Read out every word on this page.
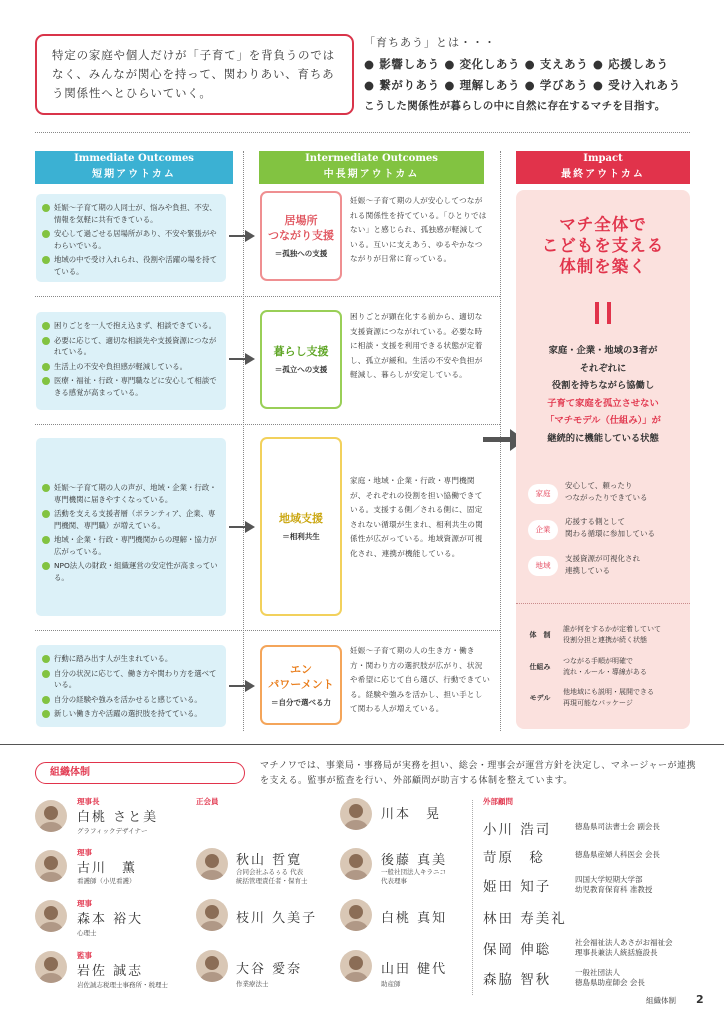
特定の家庭や個人だけが「子育て」を背負うのではなく、みんなが関心を持って、関わりあい、育ちあう関係性へとひらいていく。
「育ちあう」とは・・・
● 影響しあう ● 変化しあう ● 支えあう ● 応援しあう
● 繋がりあう ● 理解しあう ● 学びあう ● 受け入れあう
こうした関係性が暮らしの中に自然に存在するマチを目指す。
Immediate Outcomes
短期アウトカム
Intermediate Outcomes
中長期アウトカム
Impact
最終アウトカム
妊娠〜子育て期の人同士が、悩みや負担、不安、情報を気軽に共有できている。
安心して過ごせる居場所があり、不安や緊張がやわらいでいる。
地域の中で受け入れられ、役割や活躍の場を持てている。
居場所
つながり支援
＝孤独への支援
妊娠〜子育て期の人が安心してつながれる関係性を持てている。「ひとりではない」と感じられ、孤独感が軽減している。互いに支えあう、ゆるやかなつながりが日常に育っている。
困りごとを一人で抱え込まず、相談できている。
必要に応じて、適切な相談先や支援資源につながれている。
生活上の不安や負担感が軽減している。
医療・福祉・行政・専門職などに安心して相談できる感覚が高まっている。
暮らし支援
＝孤立への支援
困りごとが顕在化する前から、適切な支援資源につながれている。必要な時に相談・支援を利用できる状態が定着し、孤立が緩和。生活の不安や負担が軽減し、暮らしが安定している。
妊娠〜子育て期の人の声が、地域・企業・行政・専門機関に届きやすくなっている。
活動を支える支援者層（ボランティア、企業、専門機関、専門職）が増えている。
地域・企業・行政・専門機関からの理解・協力が広がっている。
NPO法人の財政・組織運営の安定性が高まっている。
地域支援
＝相利共生
家庭・地域・企業・行政・専門機関が、それぞれの役割を担い協働できている。支援する側／される側に、固定されない循環が生まれ、相利共生の関係性が広がっている。地域資源が可視化され、連携が機能している。
行動に踏み出す人が生まれている。
自分の状況に応じて、働き方や関わり方を選べている。
自分の経験や強みを活かせると感じている。
新しい働き方や活躍の選択肢を持てている。
エン
パワーメント
＝自分で選べる力
妊娠〜子育て期の人の生き方・働き方・関わり方の選択肢が広がり、状況や希望に応じて自ら選び、行動できている。経験や強みを活かし、担い手として関わる人が増えている。
マチ全体で
こどもを支える
体制を築く
家庭・企業・地域の3者が
それぞれに
役割を持ちながら協働し
子育て家庭を孤立させない
「マチモデル（仕組み）」が
継続的に機能している状態
家庭
安心して、頼ったり
つながったりできている
企業
応援する側として
関わる循環に参加している
地域
支援資源が可視化され
連携している
体　制
誰が何をするかが定着していて
役割分担と連携が続く状態
仕組み
つながる手順が明確で
流れ・ルール・導線がある
モデル
他地域にも説明・展開できる
再現可能なパッケージ
組織体制
マチノワでは、事業局・事務局が実務を担い、総会・理事会が運営方針を決定し、マネージャーが連携を支える。監事が監査を行い、外部顧問が助言する体制を整えています。
理事長
白桃 さと美
グラフィックデザイナー
理事
古川　薫
看護師（小児看護）
理事
森本 裕大
心理士
監事
岩佐 誠志
岩佐誠志税理士事務所・税理士
正会員
秋山 哲寛
合同会社ふるぅる 代表
統括管理責任者・保育士
枝川 久美子
大谷 愛奈
作業療法士
川本　晃
後藤 真美
一般社団法人キラニコ
代表理事
白桃 真知
山田 健代
助産師
外部顧問
小川 浩司	徳島県司法書士会 副会長
苛原　稔	徳島県産婦人科医会 会長
姫田 知子	四国大学短期大学部
幼児教育保育科 准教授
林田 寿美礼
保岡 伸聡	社会福祉法人あさがお福祉会
理事長兼法人統括施設長
森脇 智秋	一般社団法人
徳島県助産師会 会長
組織体制 2
